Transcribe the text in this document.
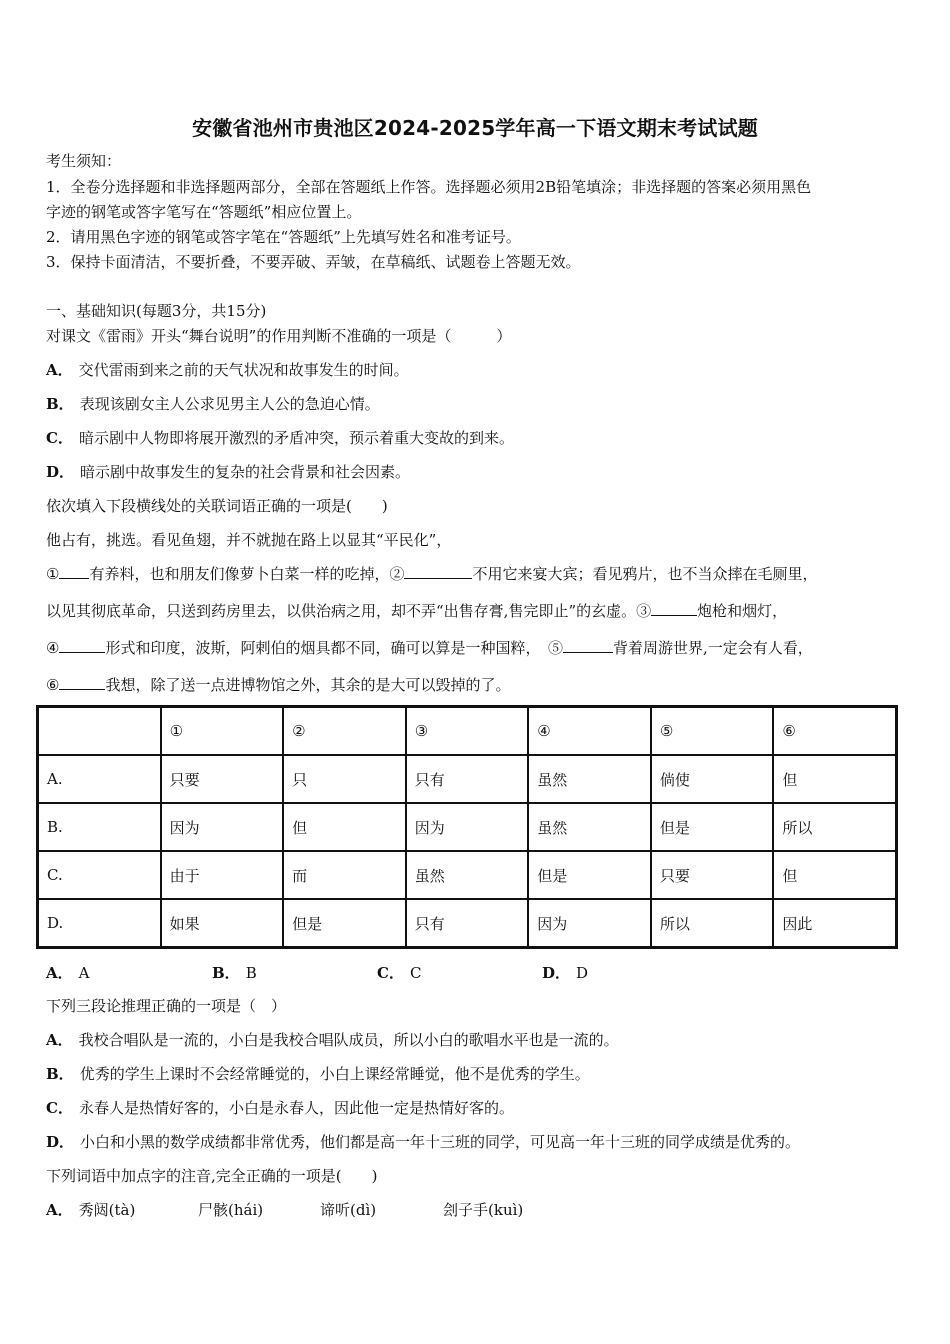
安徽省池州市贵池区2024-2025学年高一下语文期末考试试题
考生须知：
1．全卷分选择题和非选择题两部分，全部在答题纸上作答。选择题必须用2B铅笔填涂；非选择题的答案必须用黑色
字迹的钢笔或答字笔写在“答题纸”相应位置上。
2．请用黑色字迹的钢笔或答字笔在“答题纸”上先填写姓名和准考证号。
3．保持卡面清洁，不要折叠，不要弄破、弄皱，在草稿纸、试题卷上答题无效。
一、基础知识(每题3分，共15分)
对课文《雷雨》开头“舞台说明”的作用判断不准确的一项是（　　　）
A． 交代雷雨到来之前的天气状况和故事发生的时间。
B． 表现该剧女主人公求见男主人公的急迫心情。
C． 暗示剧中人物即将展开激烈的矛盾冲突，预示着重大变故的到来。
D． 暗示剧中故事发生的复杂的社会背景和社会因素。
依次填入下段横线处的关联词语正确的一项是(　　)
他占有，挑选。看见鱼翅，并不就抛在路上以显其“平民化”，
① 有养料，也和朋友们像萝卜白菜一样的吃掉，②	不用它来宴大宾；看见鸦片，也不当众摔在毛厕里，
以见其彻底革命，只送到药房里去，以供治病之用，却不弄“出售存膏,售完即止”的玄虚。③	炮枪和烟灯，
④	形式和印度，波斯，阿剌伯的烟具都不同，确可以算是一种国粹，　⑤	背着周游世界,一定会有人看，
⑥	我想，除了送一点进博物馆之外，其余的是大可以毁掉的了。
	①	②	③	④	⑤	⑥
A.	只要	只	只有	虽然	倘使	但
B.	因为	但	因为	虽然	但是	所以
C.	由于	而	虽然	但是	只要	但
D.	如果	但是	只有	因为	所以	因此
A． A	B． B	C． C	D． D
下列三段论推理正确的一项是（　）
A． 我校合唱队是一流的，小白是我校合唱队成员，所以小白的歌唱水平也是一流的。
B． 优秀的学生上课时不会经常睡觉的，小白上课经常睡觉，他不是优秀的学生。
C． 永春人是热情好客的，小白是永春人，因此他一定是热情好客的。
D． 小白和小黑的数学成绩都非常优秀，他们都是高一年十三班的同学，可见高一年十三班的同学成绩是优秀的。
下列词语中加点字的注音,完全正确的一项是(　　)
A． 秀闼(tà)	尸骸(hái)	谛听(dì)	刽子手(kuì)
